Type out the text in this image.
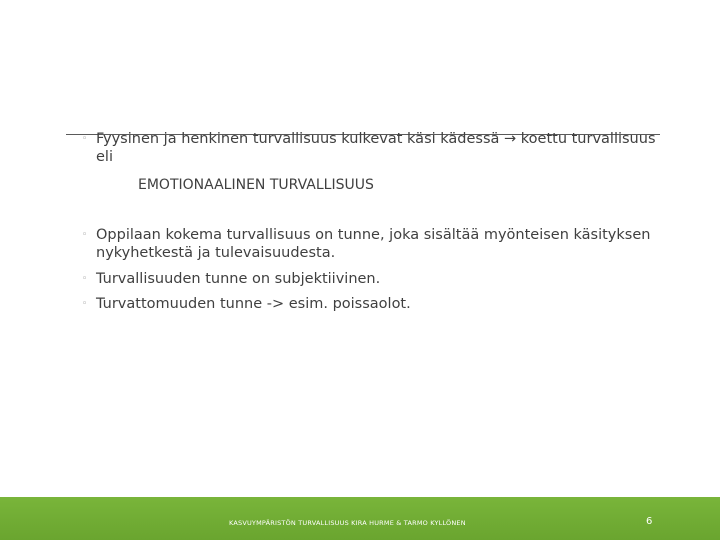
◦ Fyysinen ja henkinen turvallisuus kulkevat käsi kädessä → koettu turvallisuus
eli
EMOTIONAALINEN TURVALLISUUS
◦ Oppilaan kokema turvallisuus on tunne, joka sisältää myönteisen käsityksen
nykyhetkestä ja tulevaisuudesta.
◦ Turvallisuuden tunne on subjektiivinen.
◦ Turvattomuuden tunne -> esim. poissaolot.
KASVUYMPÄRISTÖN TURVALLISUUS KIRA HURME & TARMO KYLLÖNEN	6
